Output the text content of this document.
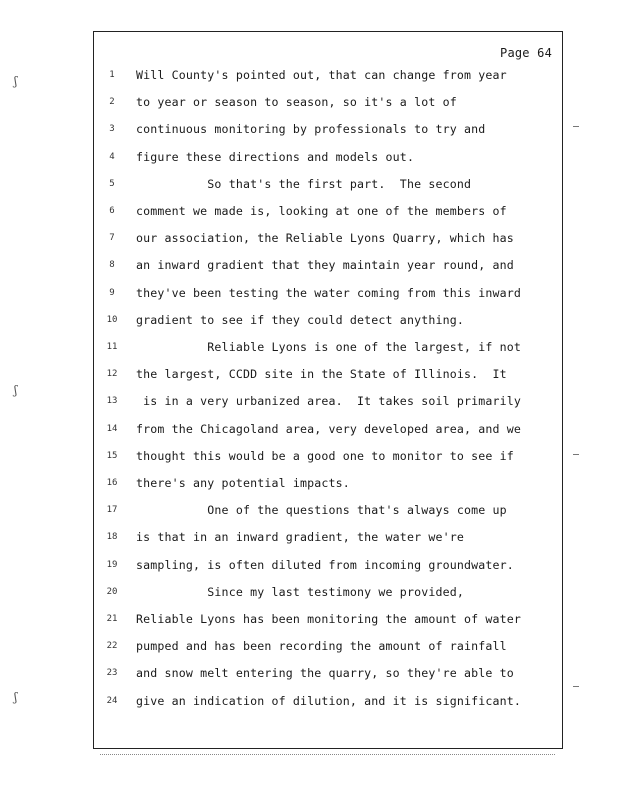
Page 64
1	Will County's pointed out, that can change from year
2	to year or season to season, so it's a lot of
3	continuous monitoring by professionals to try and
4	figure these directions and models out.
5	So that's the first part.  The second
6	comment we made is, looking at one of the members of
7	our association, the Reliable Lyons Quarry, which has
8	an inward gradient that they maintain year round, and
9	they've been testing the water coming from this inward
10	gradient to see if they could detect anything.
11	Reliable Lyons is one of the largest, if not
12	the largest, CCDD site in the State of Illinois.  It
13	is in a very urbanized area.  It takes soil primarily
14	from the Chicagoland area, very developed area, and we
15	thought this would be a good one to monitor to see if
16	there's any potential impacts.
17	One of the questions that's always come up
18	is that in an inward gradient, the water we're
19	sampling, is often diluted from incoming groundwater.
20	Since my last testimony we provided,
21	Reliable Lyons has been monitoring the amount of water
22	pumped and has been recording the amount of rainfall
23	and snow melt entering the quarry, so they're able to
24	give an indication of dilution, and it is significant.
ʃ
ʃ
ʃ
